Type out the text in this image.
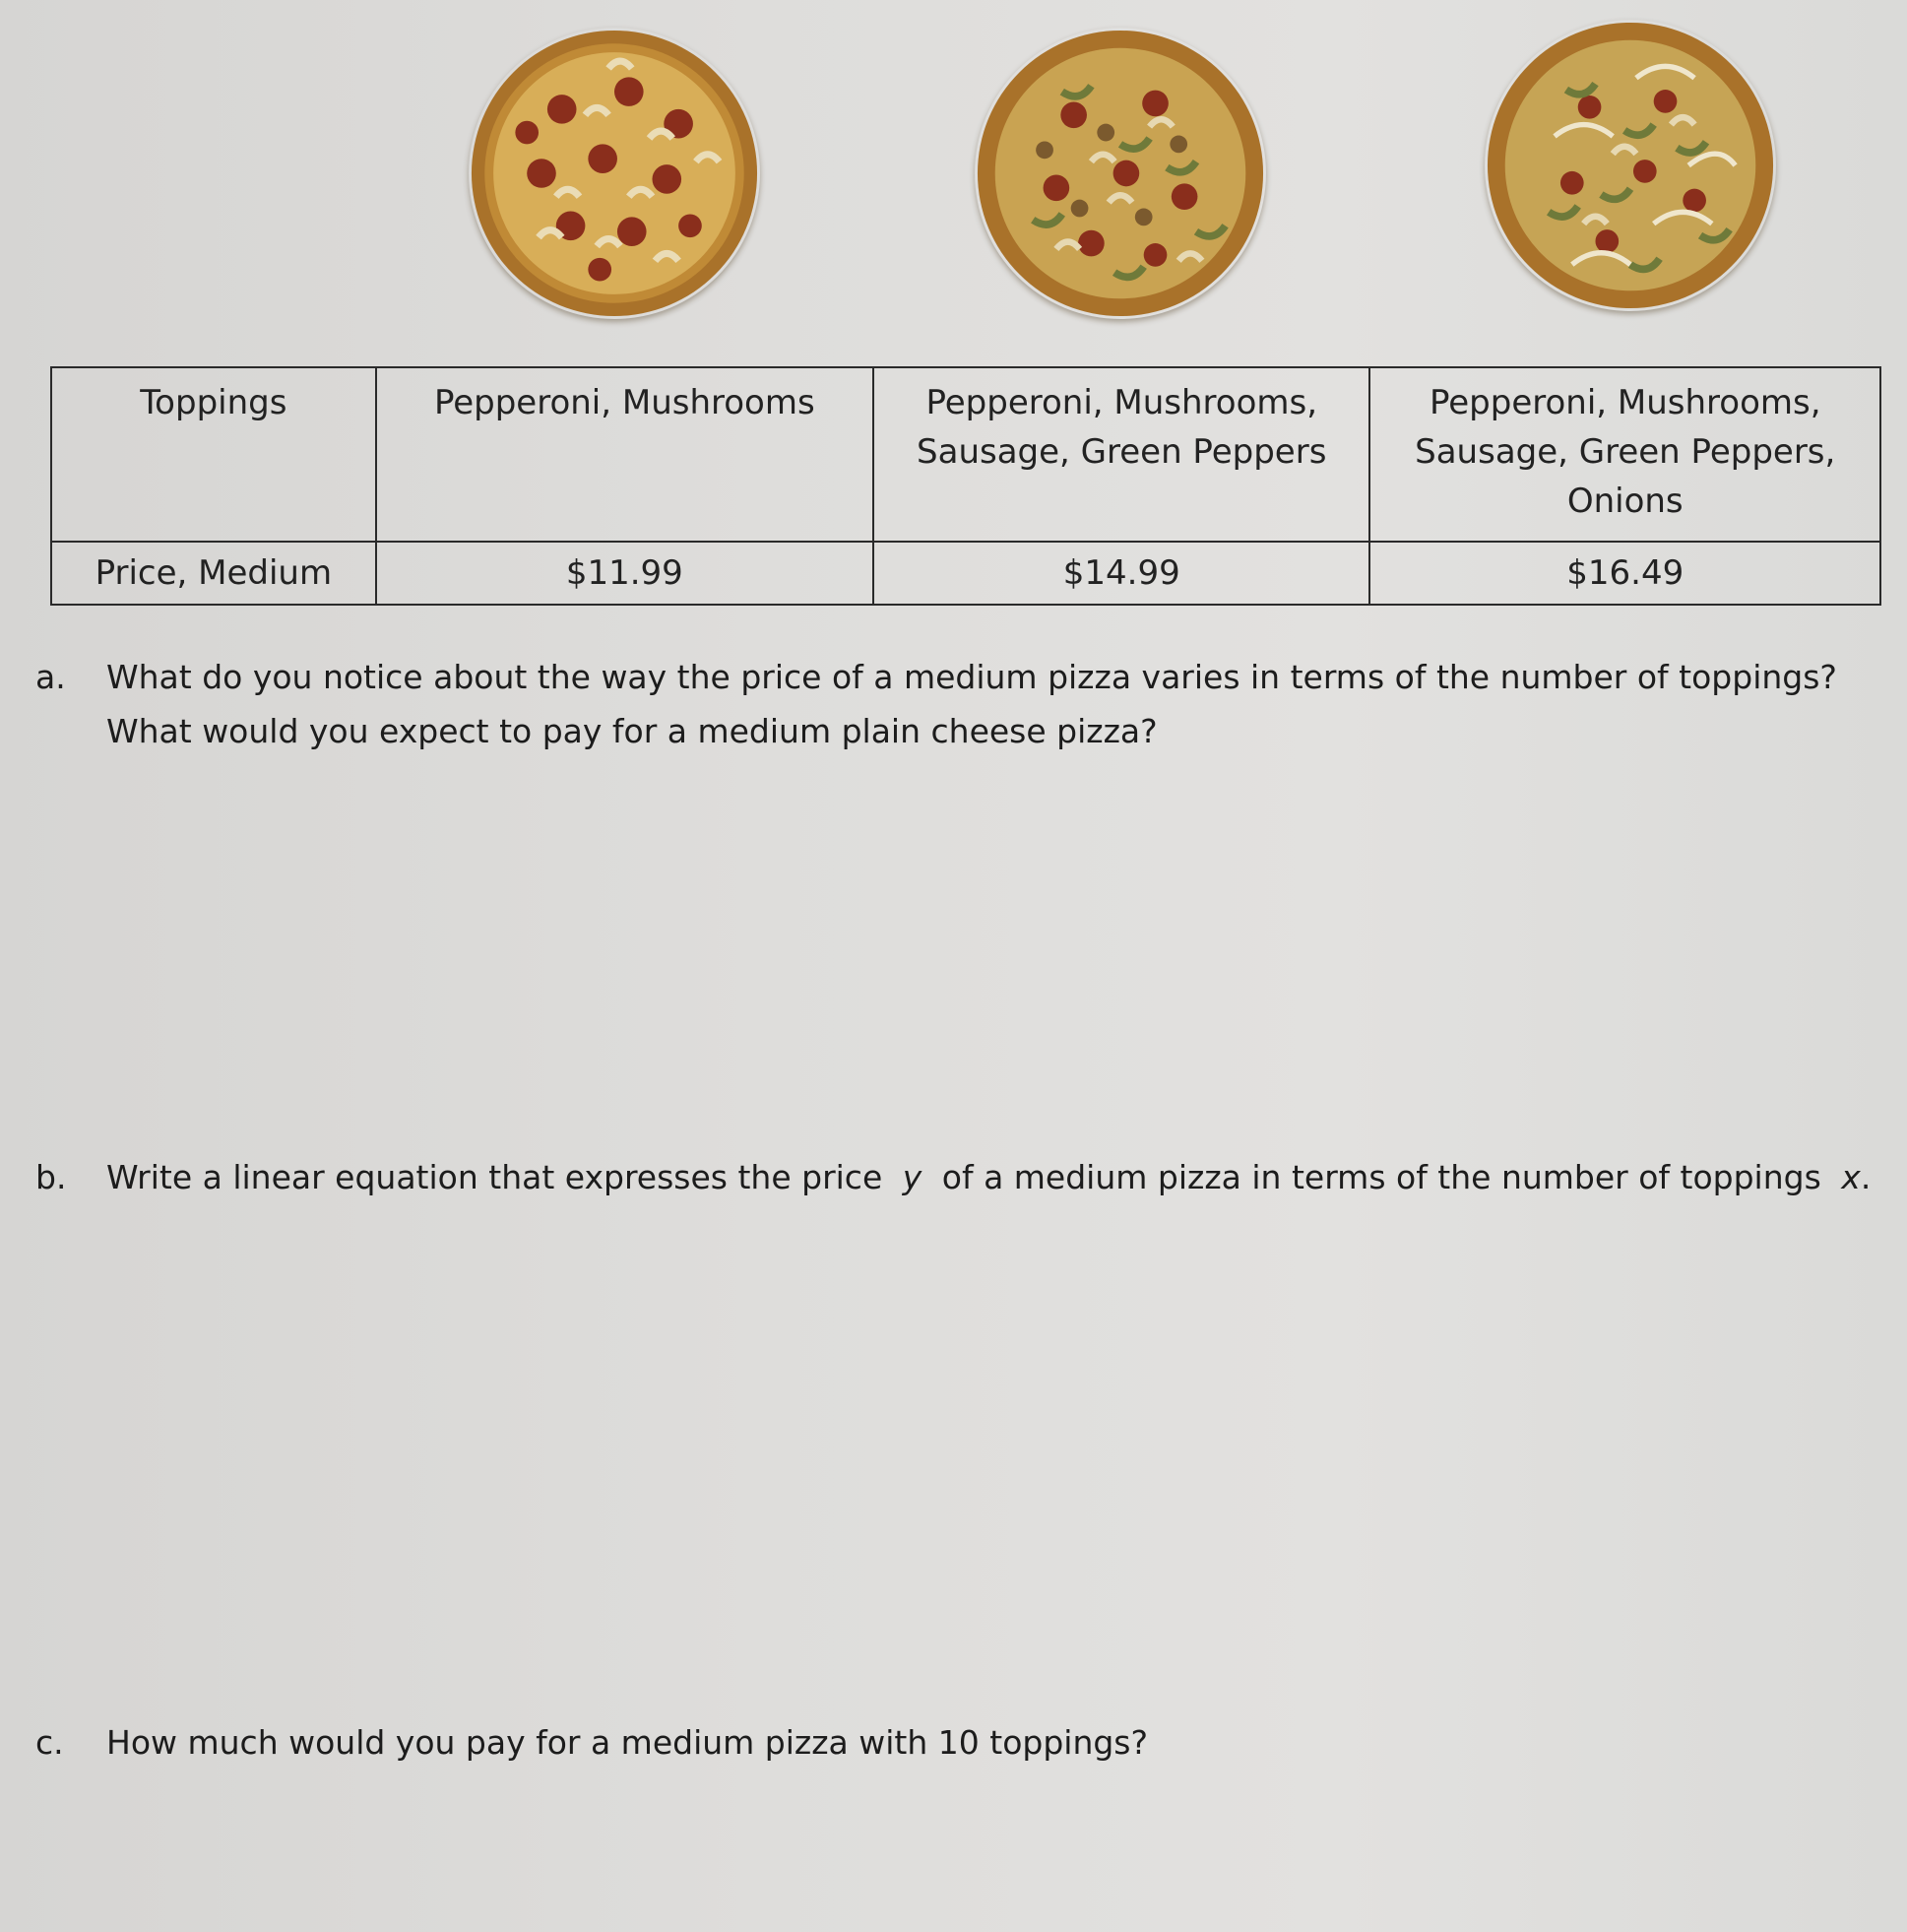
Toppings	Pepperoni, Mushrooms	Pepperoni, Mushrooms, Sausage, Green Peppers	Pepperoni, Mushrooms, Sausage, Green Peppers, Onions
Price, Medium	$11.99	$14.99	$16.49
a. What do you notice about the way the price of a medium pizza varies in terms of the number of toppings?
What would you expect to pay for a medium plain cheese pizza?
b. Write a linear equation that expresses the price y of a medium pizza in terms of the number of toppings x.
c. How much would you pay for a medium pizza with 10 toppings?
